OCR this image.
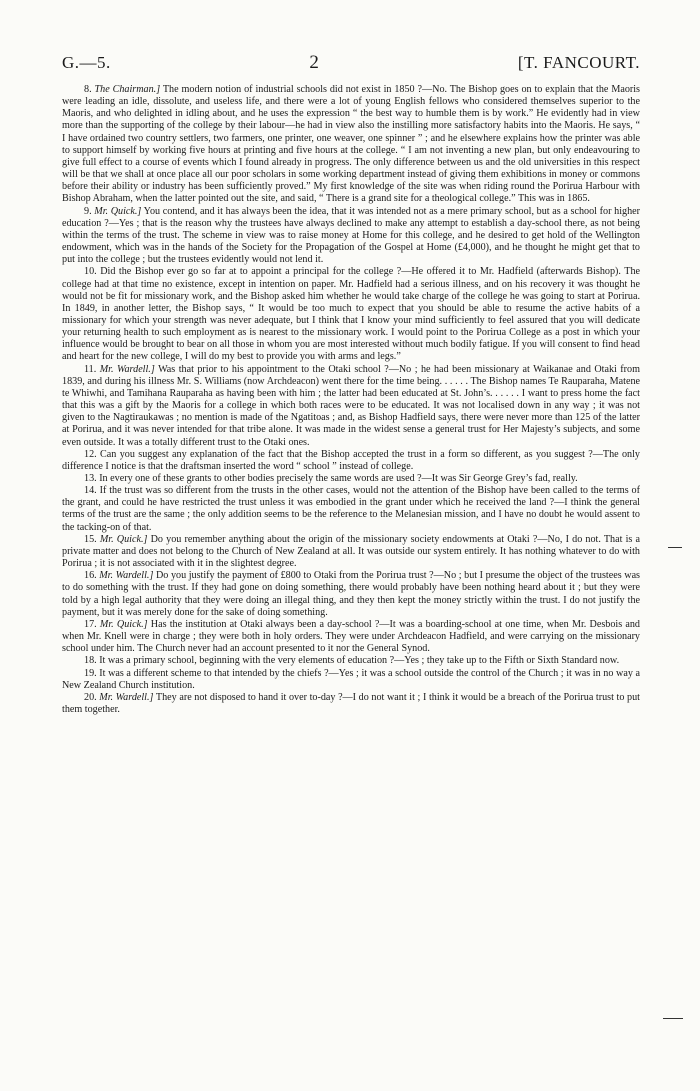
G.—5.	2	[T. FANCOURT.

8. The Chairman.] The modern notion of industrial schools did not exist in 1850 ?—No. The Bishop goes on to explain that the Maoris were leading an idle, dissolute, and useless life, and there were a lot of young English fellows who considered themselves superior to the Maoris, and who delighted in idling about, and he uses the expression “ the best way to humble them is by work.” He evidently had in view more than the supporting of the college by their labour—he had in view also the instilling more satisfactory habits into the Maoris. He says, “ I have ordained two country settlers, two farmers, one printer, one weaver, one spinner ” ; and he elsewhere explains how the printer was able to support himself by working five hours at printing and five hours at the college. “ I am not inventing a new plan, but only endeavouring to give full effect to a course of events which I found already in progress. The only difference between us and the old universities in this respect will be that we shall at once place all our poor scholars in some working department instead of giving them exhibitions in money or commons before their ability or industry has been sufficiently proved.” My first knowledge of the site was when riding round the Porirua Harbour with Bishop Abraham, when the latter pointed out the site, and said, “ There is a grand site for a theological college.” This was in 1865.

9. Mr. Quick.] You contend, and it has always been the idea, that it was intended not as a mere primary school, but as a school for higher education ?—Yes ; that is the reason why the trustees have always declined to make any attempt to establish a day-school there, as not being within the terms of the trust. The scheme in view was to raise money at Home for this college, and he desired to get hold of the Wellington endowment, which was in the hands of the Society for the Propagation of the Gospel at Home (£4,000), and he thought he might get that to put into the college ; but the trustees evidently would not lend it.

10. Did the Bishop ever go so far at to appoint a principal for the college ?—He offered it to Mr. Hadfield (afterwards Bishop). The college had at that time no existence, except in intention on paper. Mr. Hadfield had a serious illness, and on his recovery it was thought he would not be fit for missionary work, and the Bishop asked him whether he would take charge of the college he was going to start at Porirua. In 1849, in another letter, the Bishop says, “ It would be too much to expect that you should be able to resume the active habits of a missionary for which your strength was never adequate, but I think that I know your mind sufficiently to feel assured that you will dedicate your returning health to such employment as is nearest to the missionary work. I would point to the Porirua College as a post in which your influence would be brought to bear on all those in whom you are most interested without much bodily fatigue. If you will consent to find head and heart for the new college, I will do my best to provide you with arms and legs.”

11. Mr. Wardell.] Was that prior to his appointment to the Otaki school ?—No ; he had been missionary at Waikanae and Otaki from 1839, and during his illness Mr. S. Williams (now Archdeacon) went there for the time being. . . . . . The Bishop names Te Rauparaha, Matene te Whiwhi, and Tamihana Rauparaha as having been with him ; the latter had been educated at St. John’s. . . . . . I want to press home the fact that this was a gift by the Maoris for a college in which both races were to be educated. It was not localised down in any way ; it was not given to the Nagtiraukawas ; no mention is made of the Ngatitoas ; and, as Bishop Hadfield says, there were never more than 125 of the latter at Porirua, and it was never intended for that tribe alone. It was made in the widest sense a general trust for Her Majesty’s subjects, and some even outside. It was a totally different trust to the Otaki ones.

12. Can you suggest any explanation of the fact that the Bishop accepted the trust in a form so different, as you suggest ?—The only difference I notice is that the draftsman inserted the word “ school ” instead of college.

13. In every one of these grants to other bodies precisely the same words are used ?—It was Sir George Grey’s fad, really.

14. If the trust was so different from the trusts in the other cases, would not the attention of the Bishop have been called to the terms of the grant, and could he have restricted the trust unless it was embodied in the grant under which he received the land ?—I think the general terms of the trust are the same ; the only addition seems to be the reference to the Melanesian mission, and I have no doubt he would assent to the tacking-on of that.

15. Mr. Quick.] Do you remember anything about the origin of the missionary society endowments at Otaki ?—No, I do not. That is a private matter and does not belong to the Church of New Zealand at all. It was outside our system entirely. It has nothing whatever to do with Porirua ; it is not associated with it in the slightest degree.

16. Mr. Wardell.] Do you justify the payment of £800 to Otaki from the Porirua trust ?—No ; but I presume the object of the trustees was to do something with the trust. If they had gone on doing something, there would probably have been nothing heard about it ; but they were told by a high legal authority that they were doing an illegal thing, and they then kept the money strictly within the trust. I do not justify the payment, but it was merely done for the sake of doing something.

17. Mr. Quick.] Has the institution at Otaki always been a day-school ?—It was a boarding-school at one time, when Mr. Desbois and when Mr. Knell were in charge ; they were both in holy orders. They were under Archdeacon Hadfield, and were carrying on the missionary school under him. The Church never had an account presented to it nor the General Synod.

18. It was a primary school, beginning with the very elements of education ?—Yes ; they take up to the Fifth or Sixth Standard now.

19. It was a different scheme to that intended by the chiefs ?—Yes ; it was a school outside the control of the Church ; it was in no way a New Zealand Church institution.

20. Mr. Wardell.] They are not disposed to hand it over to-day ?—I do not want it ; I think it would be a breach of the Porirua trust to put them together.
